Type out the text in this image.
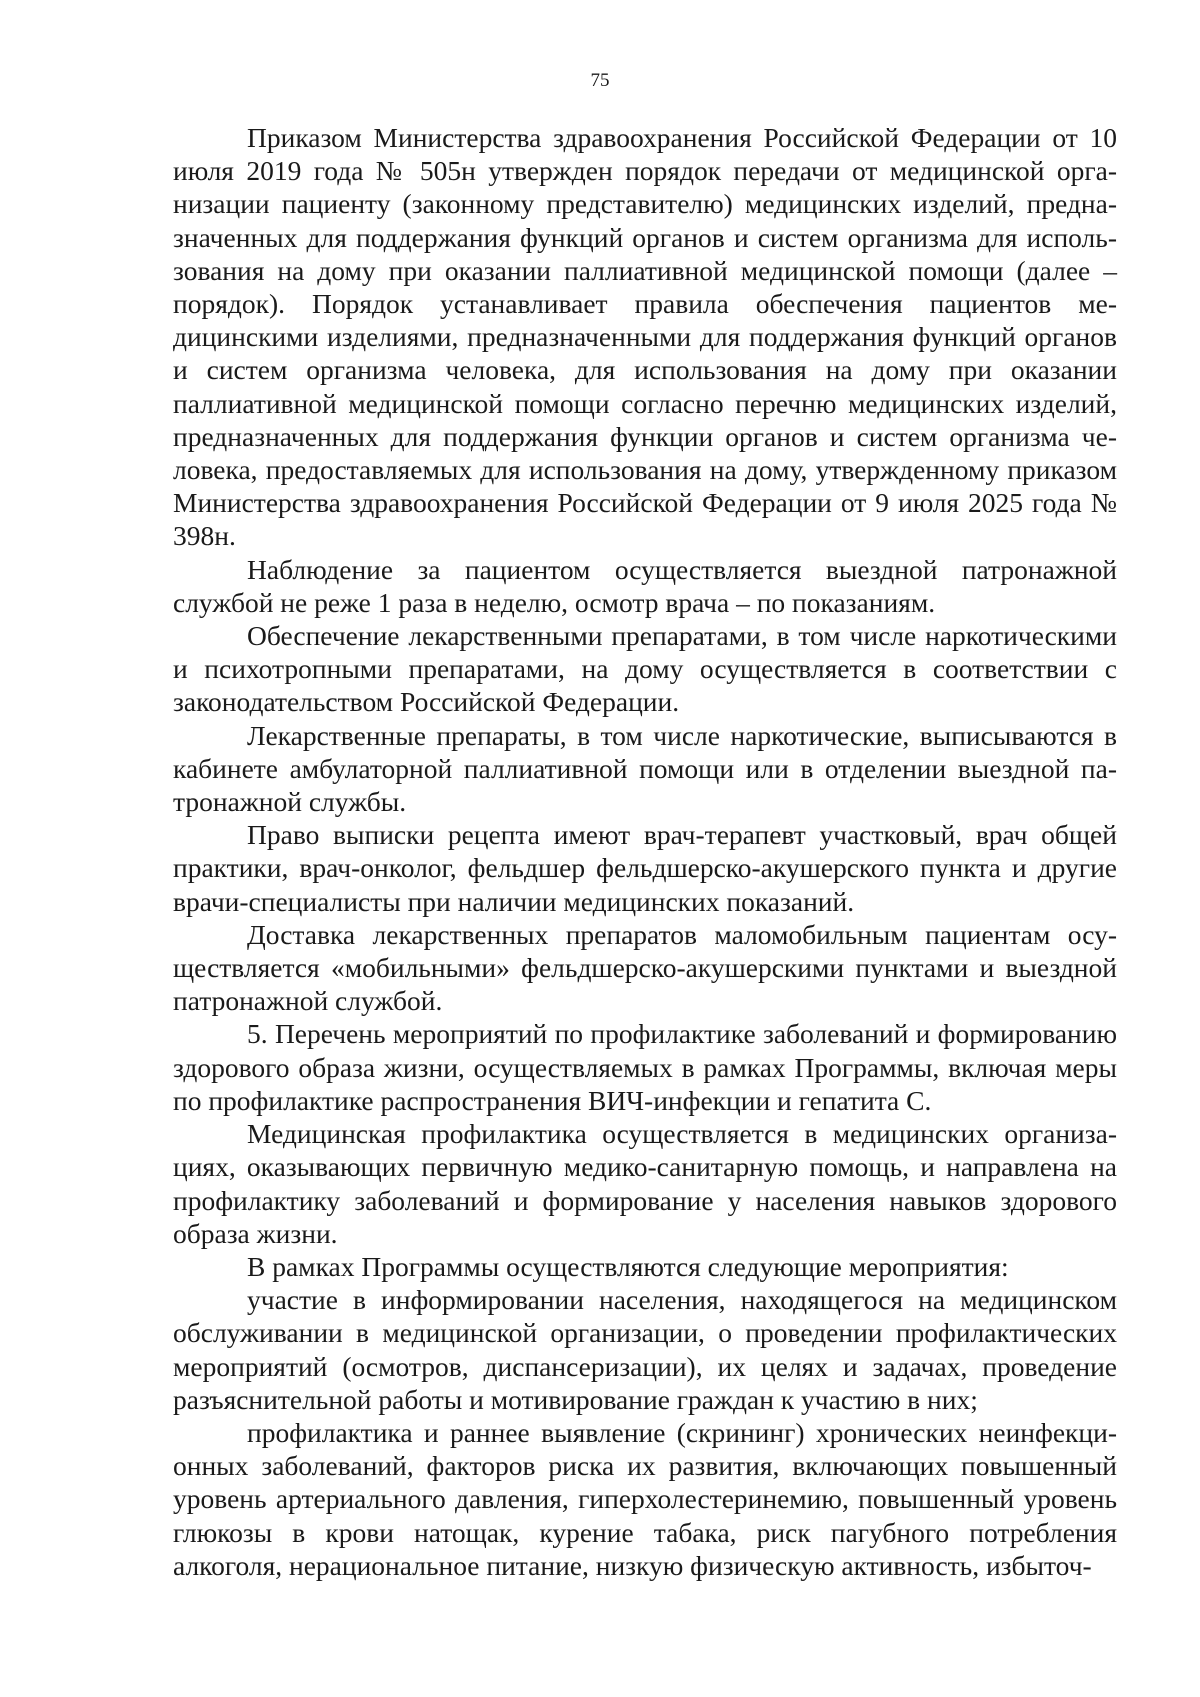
75

Приказом Министерства здравоохранения Российской Федерации от 10 июля 2019 года № 505н утвержден порядок передачи от медицинской организации пациенту (законному представителю) медицинских изделий, предназначенных для поддержания функций органов и систем организма для использования на дому при оказании паллиативной медицинской помощи (далее – порядок). Порядок устанавливает правила обеспечения пациентов медицинскими изделиями, предназначенными для поддержания функций органов и систем организма человека, для использования на дому при оказании паллиативной медицинской помощи согласно перечню медицинских изделий, предназначенных для поддержания функции органов и систем организма человека, предоставляемых для использования на дому, утвержденному приказом Министерства здравоохранения Российской Федерации от 9 июля 2025 года № 398н.

Наблюдение за пациентом осуществляется выездной патронажной службой не реже 1 раза в неделю, осмотр врача – по показаниям.

Обеспечение лекарственными препаратами, в том числе наркотическими и психотропными препаратами, на дому осуществляется в соответствии с законодательством Российской Федерации.

Лекарственные препараты, в том числе наркотические, выписываются в кабинете амбулаторной паллиативной помощи или в отделении выездной патронажной службы.

Право выписки рецепта имеют врач-терапевт участковый, врач общей практики, врач-онколог, фельдшер фельдшерско-акушерского пункта и другие врачи-специалисты при наличии медицинских показаний.

Доставка лекарственных препаратов маломобильным пациентам осуществляется «мобильными» фельдшерско-акушерскими пунктами и выездной патронажной службой.

5. Перечень мероприятий по профилактике заболеваний и формированию здорового образа жизни, осуществляемых в рамках Программы, включая меры по профилактике распространения ВИЧ-инфекции и гепатита С.

Медицинская профилактика осуществляется в медицинских организациях, оказывающих первичную медико-санитарную помощь, и направлена на профилактику заболеваний и формирование у населения навыков здорового образа жизни.

В рамках Программы осуществляются следующие мероприятия:

участие в информировании населения, находящегося на медицинском обслуживании в медицинской организации, о проведении профилактических мероприятий (осмотров, диспансеризации), их целях и задачах, проведение разъяснительной работы и мотивирование граждан к участию в них;

профилактика и раннее выявление (скрининг) хронических неинфекционных заболеваний, факторов риска их развития, включающих повышенный уровень артериального давления, гиперхолестеринемию, повышенный уровень глюкозы в крови натощак, курение табака, риск пагубного потребления алкоголя, нерациональное питание, низкую физическую активность, избыточ-
